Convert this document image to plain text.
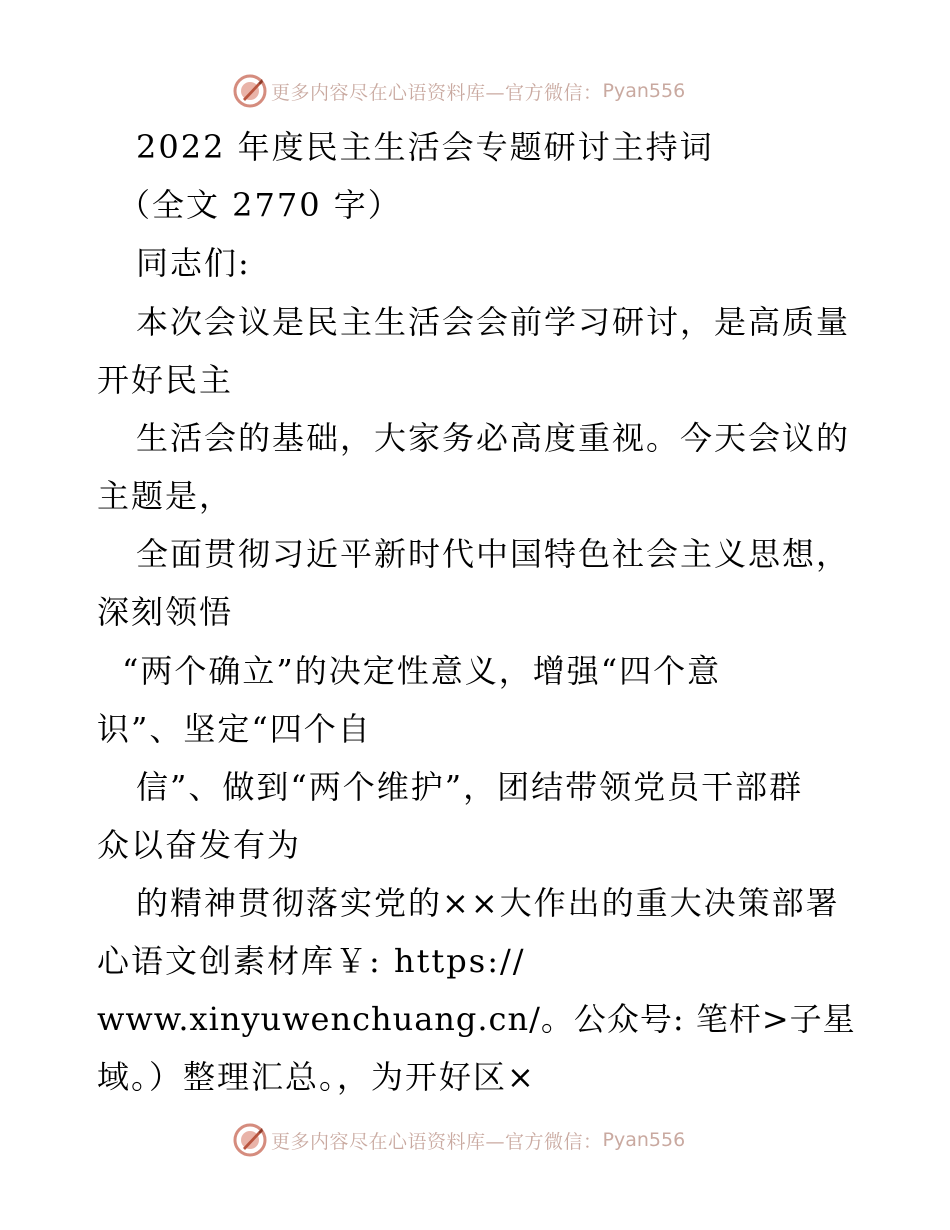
更多内容尽在心语资料库—官方微信： Pyan556
2022 年度民主生活会专题研讨主持词
（全文 2770 字）
同志们:
本次会议是民主生活会会前学习研讨，是高质量
开好民主
生活会的基础，大家务必高度重视。今天会议的
主题是，
全面贯彻习近平新时代中国特色社会主义思想，
深刻领悟
“两个确立”的决定性意义，增强“四个意
识”、坚定“四个自
信”、做到“两个维护”，团结带领党员干部群
众以奋发有为
的精神贯彻落实党的××大作出的重大决策部署
心语文创素材库￥: https://
www.xinyuwenchuang.cn/。公众号: 笔杆>子星
域。）整理汇总。，为开好区×
更多内容尽在心语资料库—官方微信： Pyan556
